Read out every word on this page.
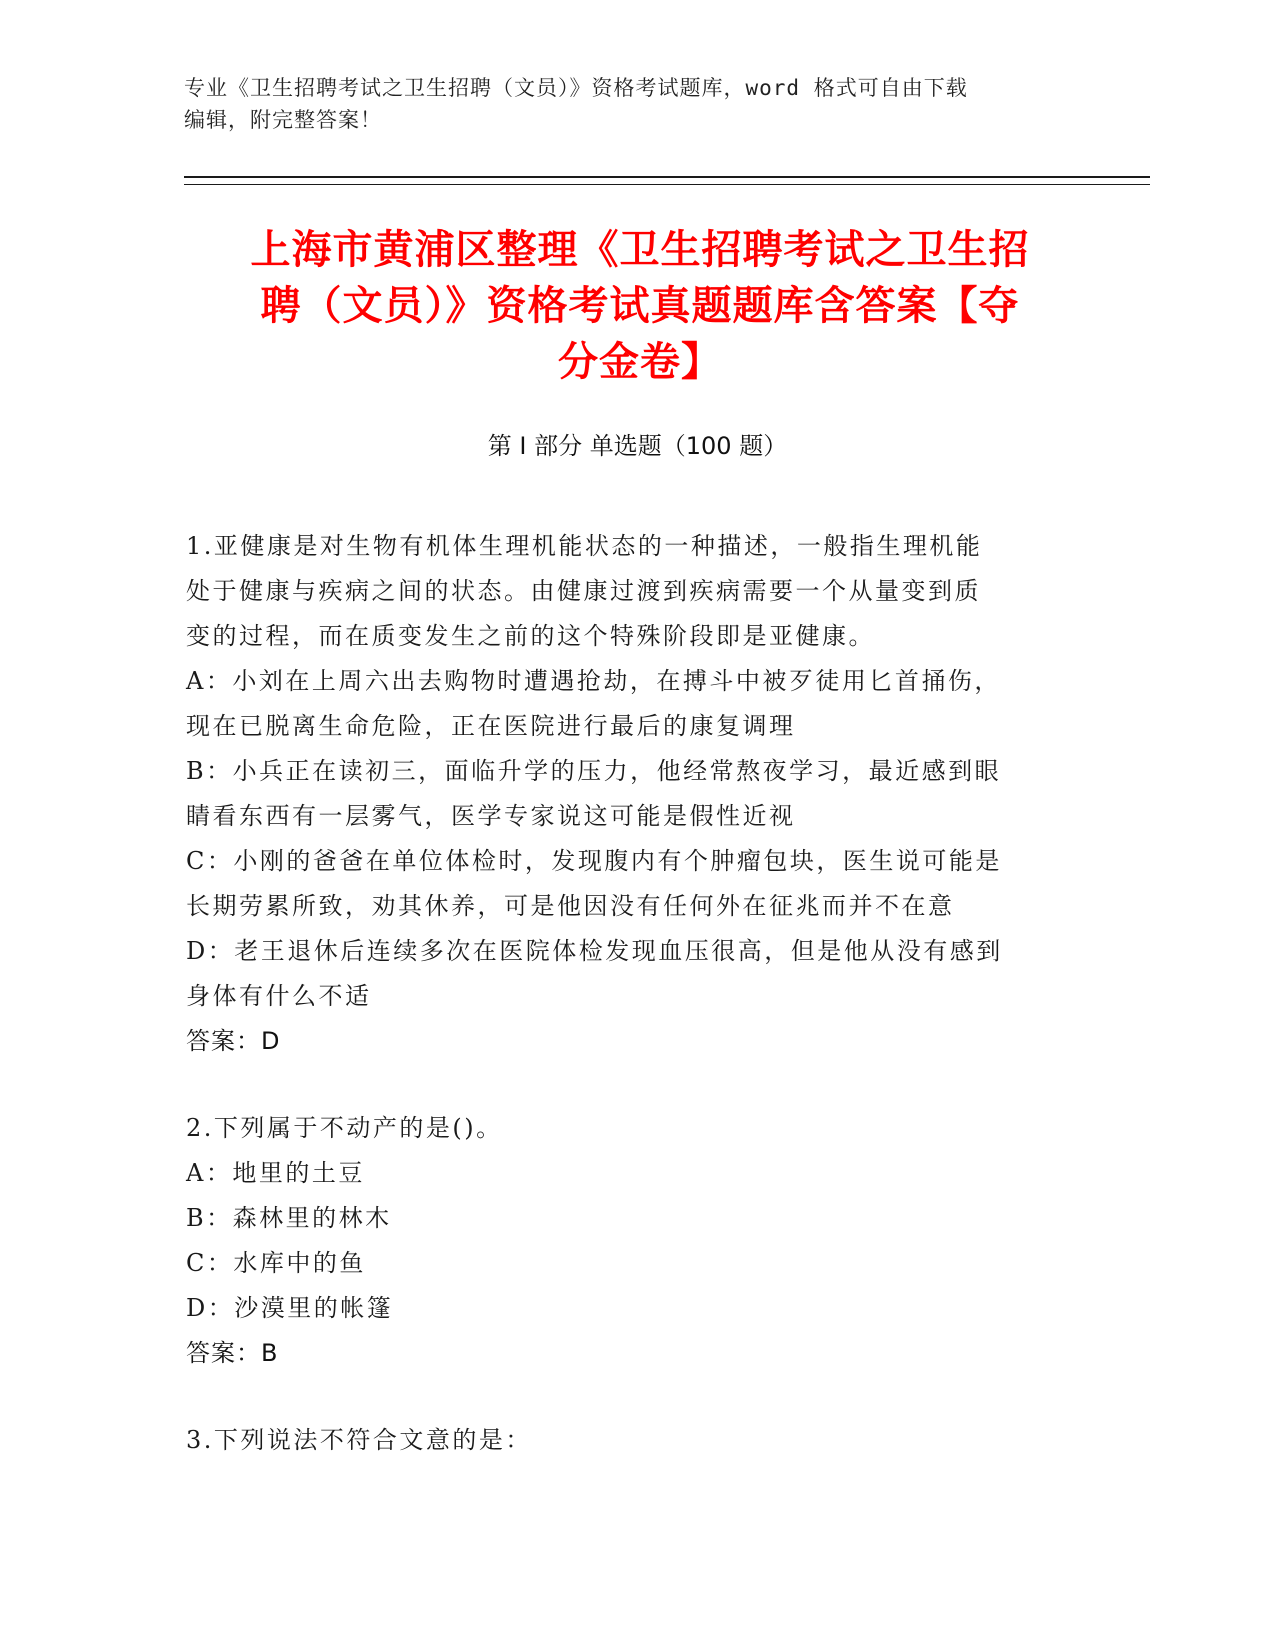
专业《卫生招聘考试之卫生招聘（文员）》资格考试题库，word 格式可自由下载
编辑，附完整答案！
上海市黄浦区整理《卫生招聘考试之卫生招
聘（文员）》资格考试真题题库含答案【夺
分金卷】
第 I 部分 单选题（100 题）
1.亚健康是对生物有机体生理机能状态的一种描述，一般指生理机能
处于健康与疾病之间的状态。由健康过渡到疾病需要一个从量变到质
变的过程，而在质变发生之前的这个特殊阶段即是亚健康。
A：小刘在上周六出去购物时遭遇抢劫，在搏斗中被歹徒用匕首捅伤，
现在已脱离生命危险，正在医院进行最后的康复调理
B：小兵正在读初三，面临升学的压力，他经常熬夜学习，最近感到眼
睛看东西有一层雾气，医学专家说这可能是假性近视
C：小刚的爸爸在单位体检时，发现腹内有个肿瘤包块，医生说可能是
长期劳累所致，劝其休养，可是他因没有任何外在征兆而并不在意
D：老王退休后连续多次在医院体检发现血压很高，但是他从没有感到
身体有什么不适
答案：D
2.下列属于不动产的是()。
A：地里的土豆
B：森林里的林木
C：水库中的鱼
D：沙漠里的帐篷
答案：B
3.下列说法不符合文意的是：
